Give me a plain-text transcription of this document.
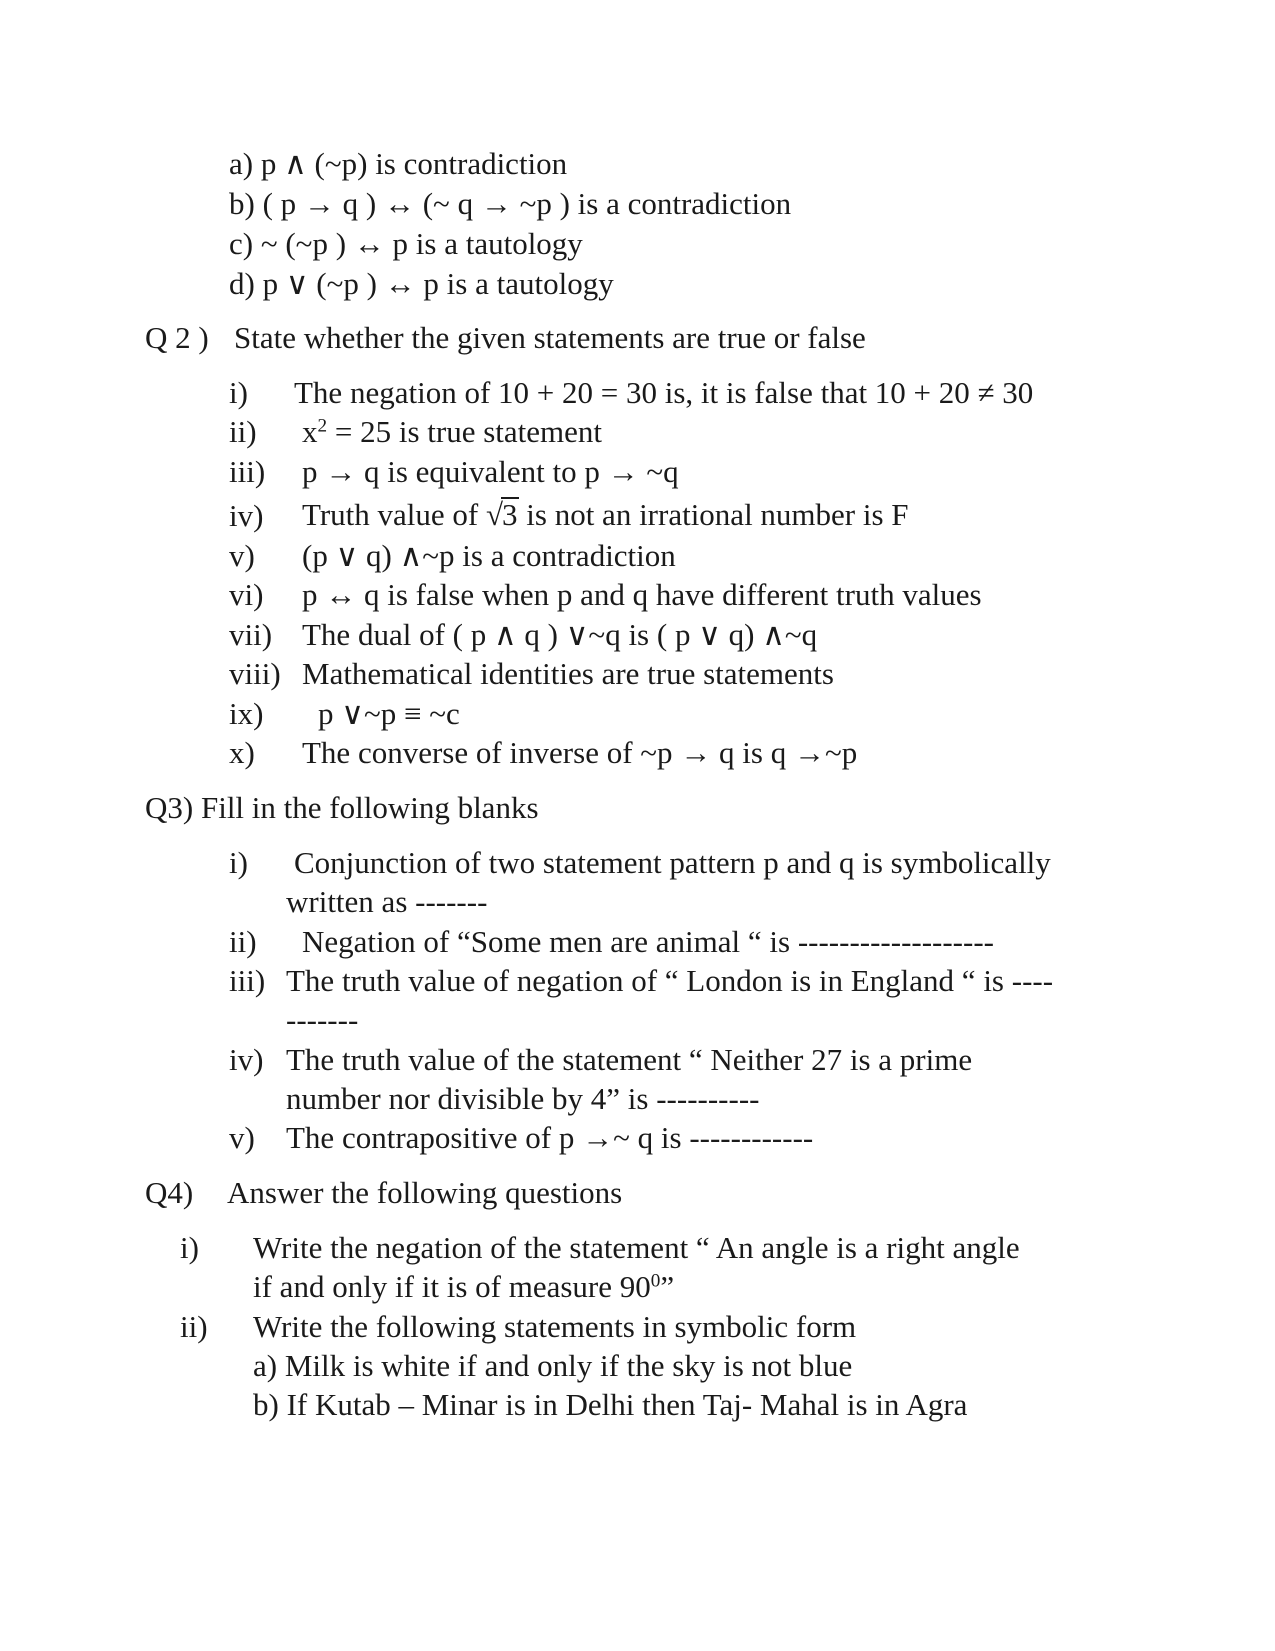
a) p ∧ (~p) is contradiction
b) ( p → q ) ↔ (~ q → ~p ) is a contradiction
c) ~ (~p ) ↔ p is a tautology
d) p ∨ (~p ) ↔ p is a tautology
Q 2 ) State whether the given statements are true or false
i) The negation of 10 + 20 = 30 is, it is false that 10 + 20 ≠ 30
ii) $x^2 = 25$ is true statement
iii) p → q is equivalent to p → ~q
iv) Truth value of √3 is not an irrational number is F
v) (p ∨ q) ∧~p is a contradiction
vi) p ↔ q is false when p and q have different truth values
vii) The dual of ( p ∧ q ) ∨~q is ( p ∨ q) ∧~q
viii) Mathematical identities are true statements
ix) p ∨~p ≡ ~c
x) The converse of inverse of ~p → q is q →~p
Q3) Fill in the following blanks
i) Conjunction of two statement pattern p and q is symbolically
written as -------
ii) Negation of “Some men are animal “ is -------------------
iii) The truth value of negation of “ London is in England “ is ----
-------
iv) The truth value of the statement “ Neither 27 is a prime
number nor divisible by 4” is ----------
v) The contrapositive of p →~ q is ------------
Q4) Answer the following questions
i) Write the negation of the statement “ An angle is a right angle
if and only if it is of measure $90^0$”
ii) Write the following statements in symbolic form
a) Milk is white if and only if the sky is not blue
b) If Kutab – Minar is in Delhi then Taj- Mahal is in Agra
